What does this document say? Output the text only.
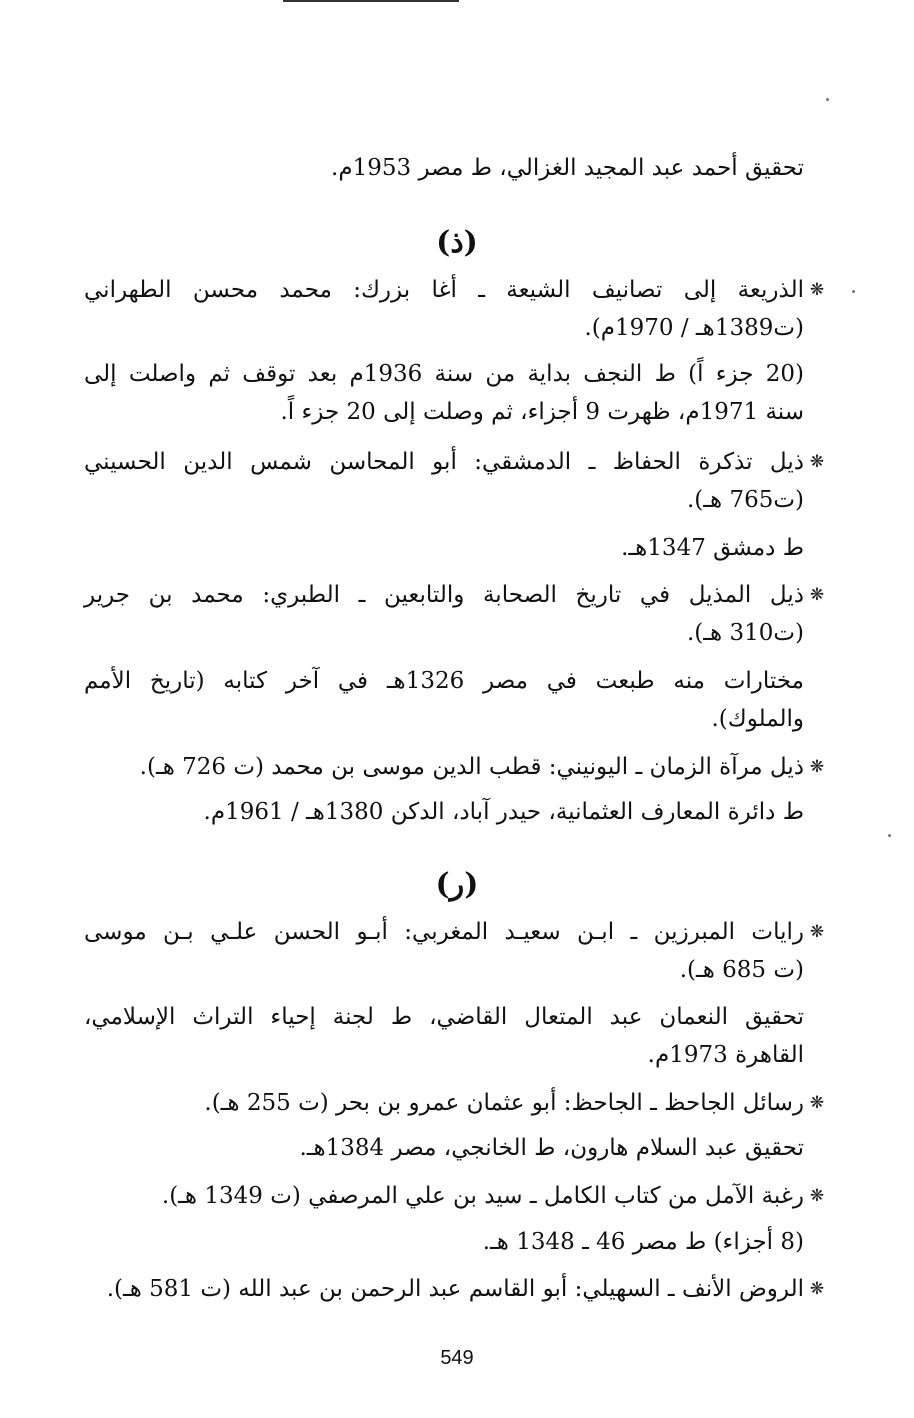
تحقيق أحمد عبد المجيد الغزالي، ط مصر 1953م.
(ذ)
❋
الذريعة إلى تصانيف الشيعة ـ أغا بزرك: محمد محسن الطهراني
(ت1389هـ / 1970م).
(20 جزء اً) ط النجف بداية من سنة 1936م بعد توقف ثم واصلت إلى
سنة 1971م، ظهرت 9 أجزاء، ثم وصلت إلى 20 جزء اً.
❋
ذيل تذكرة الحفاظ ـ الدمشقي: أبو المحاسن شمس الدين الحسيني
(ت765 هـ).
ط دمشق 1347هـ.
❋
ذيل المذيل في تاريخ الصحابة والتابعين ـ الطبري: محمد بن جرير
(ت310 هـ).
مختارات منه طبعت في مصر 1326هـ في آخر كتابه (تاريخ الأمم
والملوك).
❋
ذيل مرآة الزمان ـ اليونيني: قطب الدين موسى بن محمد (ت 726 هـ).
ط دائرة المعارف العثمانية، حيدر آباد، الدكن 1380هـ / 1961م.
(ر)
❋
رايات المبرزين ـ ابـن سعيـد المغربي: أبـو الحسن علـي بـن موسى
(ت 685 هـ).
تحقيق النعمان عبد المتعال القاضي، ط لجنة إحياء التراث الإسلامي،
القاهرة 1973م.
❋
رسائل الجاحظ ـ الجاحظ: أبو عثمان عمرو بن بحر (ت 255 هـ).
تحقيق عبد السلام هارون، ط الخانجي، مصر 1384هـ.
❋
رغبة الآمل من كتاب الكامل ـ سيد بن علي المرصفي (ت 1349 هـ).
(8 أجزاء) ط مصر 46 ـ 1348 هـ.
❋
الروض الأنف ـ السهيلي: أبو القاسم عبد الرحمن بن عبد الله (ت 581 هـ).
549
